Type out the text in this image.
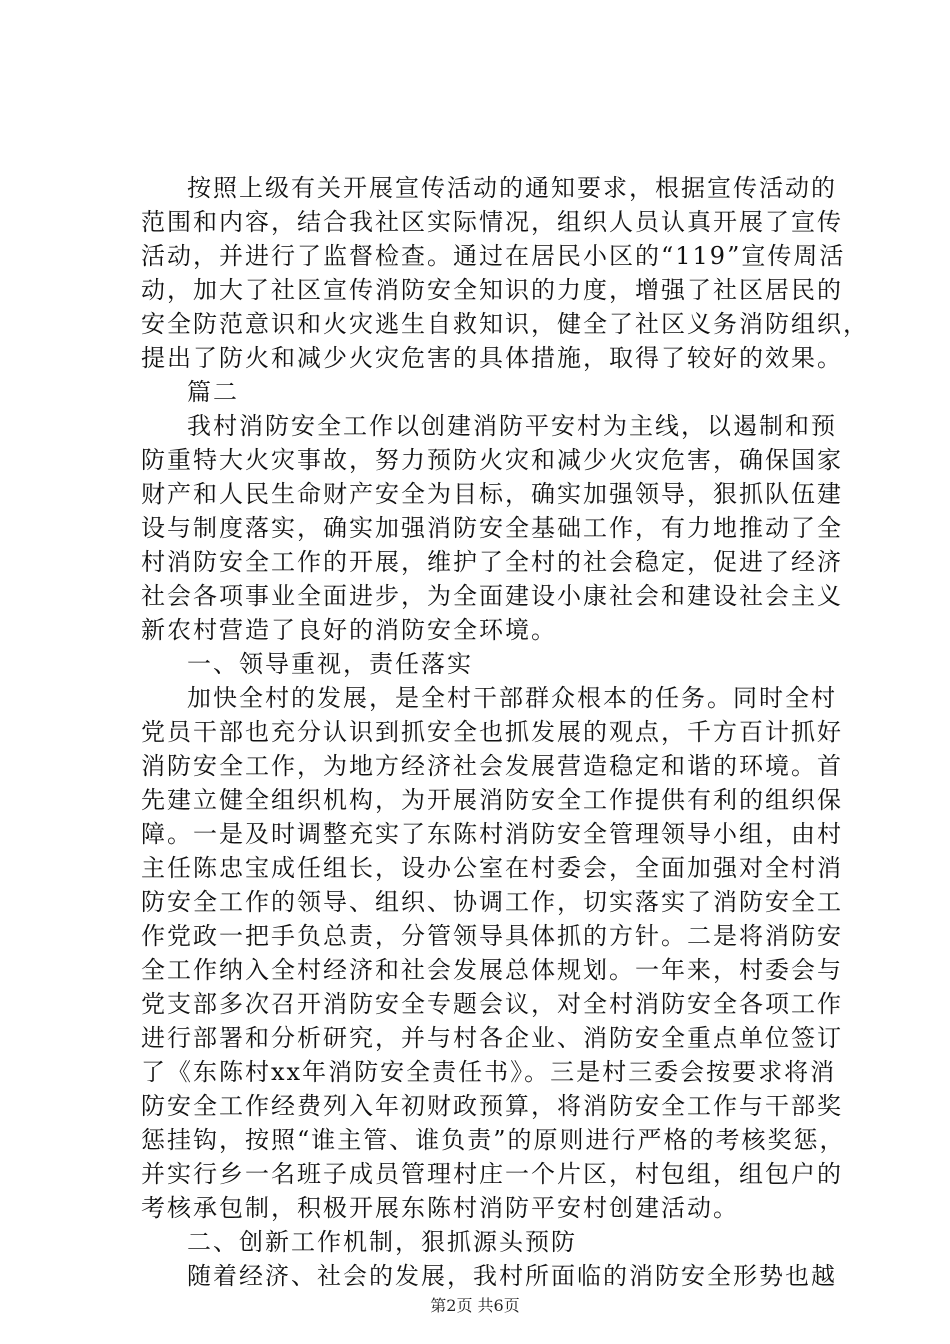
按照上级有关开展宣传活动的通知要求，根据宣传活动的
范围和内容，结合我社区实际情况，组织人员认真开展了宣传
活动，并进行了监督检查。通过在居民小区的“119”宣传周活
动，加大了社区宣传消防安全知识的力度，增强了社区居民的
安全防范意识和火灾逃生自救知识，健全了社区义务消防组织，
提出了防火和减少火灾危害的具体措施，取得了较好的效果。
篇二
我村消防安全工作以创建消防平安村为主线，以遏制和预
防重特大火灾事故，努力预防火灾和减少火灾危害，确保国家
财产和人民生命财产安全为目标，确实加强领导，狠抓队伍建
设与制度落实，确实加强消防安全基础工作，有力地推动了全
村消防安全工作的开展，维护了全村的社会稳定，促进了经济
社会各项事业全面进步，为全面建设小康社会和建设社会主义
新农村营造了良好的消防安全环境。
一、领导重视，责任落实
加快全村的发展，是全村干部群众根本的任务。同时全村
党员干部也充分认识到抓安全也抓发展的观点，千方百计抓好
消防安全工作，为地方经济社会发展营造稳定和谐的环境。首
先建立健全组织机构，为开展消防安全工作提供有利的组织保
障。一是及时调整充实了东陈村消防安全管理领导小组，由村
主任陈忠宝成任组长，设办公室在村委会，全面加强对全村消
防安全工作的领导、组织、协调工作，切实落实了消防安全工
作党政一把手负总责，分管领导具体抓的方针。二是将消防安
全工作纳入全村经济和社会发展总体规划。一年来，村委会与
党支部多次召开消防安全专题会议，对全村消防安全各项工作
进行部署和分析研究，并与村各企业、消防安全重点单位签订
了《东陈村xx年消防安全责任书》。三是村三委会按要求将消
防安全工作经费列入年初财政预算，将消防安全工作与干部奖
惩挂钩，按照“谁主管、谁负责”的原则进行严格的考核奖惩，
并实行乡一名班子成员管理村庄一个片区，村包组，组包户的
考核承包制，积极开展东陈村消防平安村创建活动。
二、创新工作机制，狠抓源头预防
随着经济、社会的发展，我村所面临的消防安全形势也越
第2页 共6页
